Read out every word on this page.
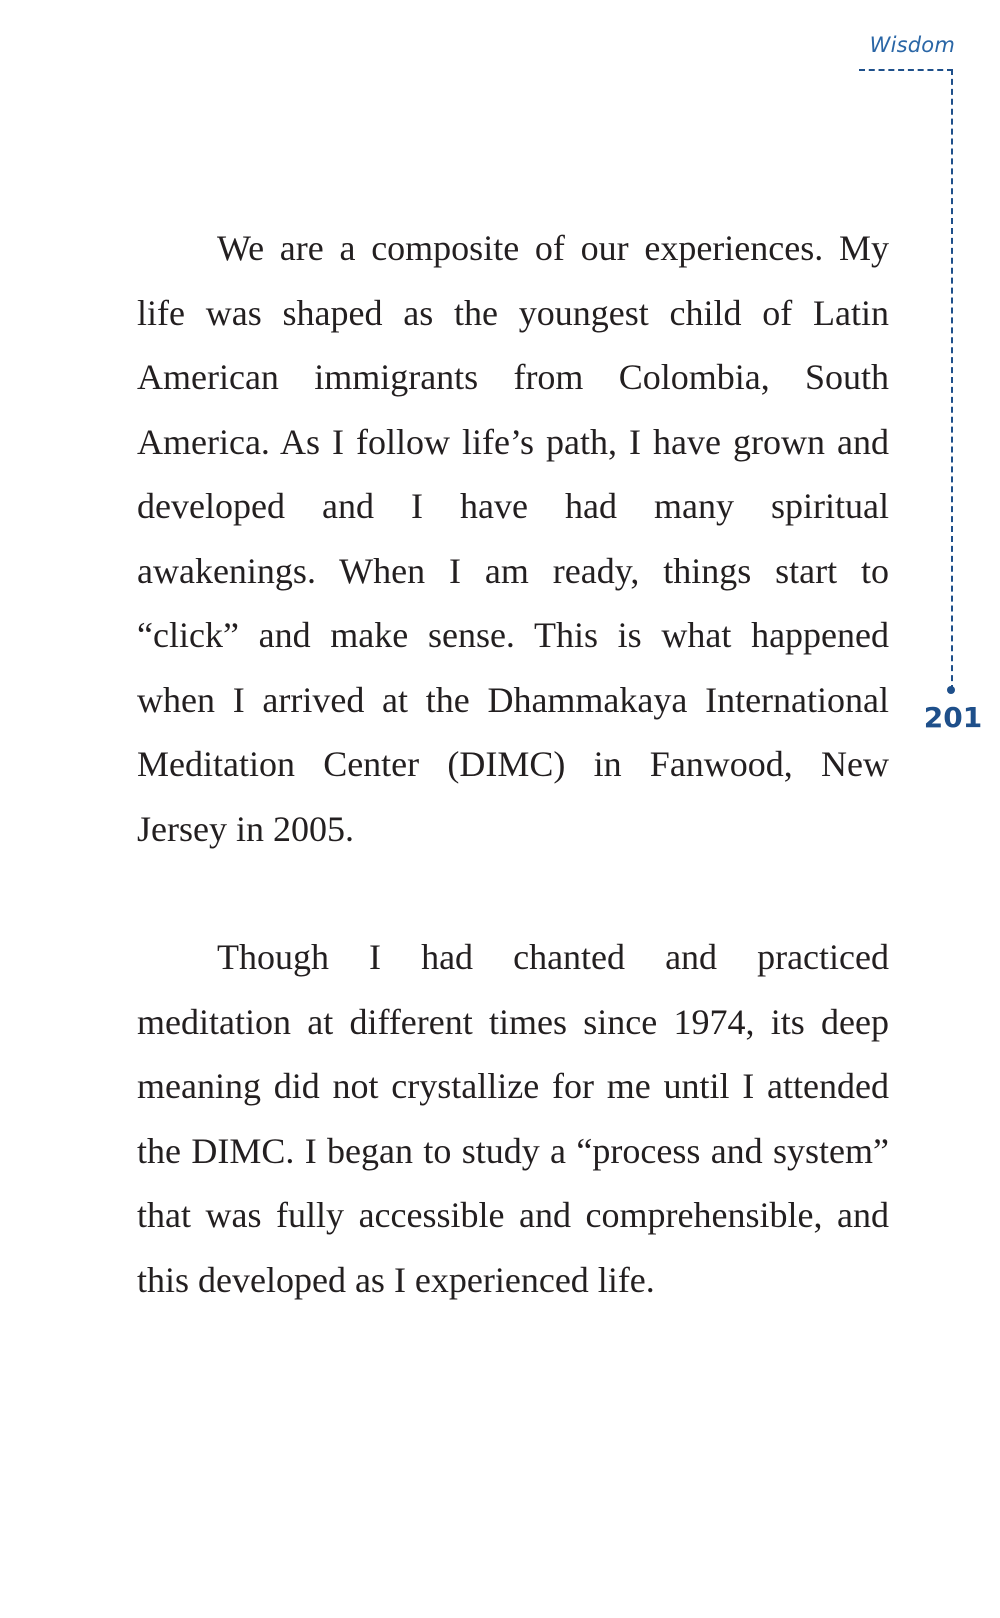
Wisdom
201

We are a composite of our experiences. My life was shaped as the youngest child of Latin American immigrants from Colombia, South America. As I follow life’s path, I have grown and developed and I have had many spiritual awakenings. When I am ready, things start to “click” and make sense. This is what happened when I arrived at the Dhammakaya International Meditation Center (DIMC) in Fanwood, New Jersey in 2005.

Though I had chanted and practiced meditation at different times since 1974, its deep meaning did not crystallize for me until I attended the DIMC. I began to study a “process and system” that was fully accessible and comprehensible, and this developed as I experienced life.
